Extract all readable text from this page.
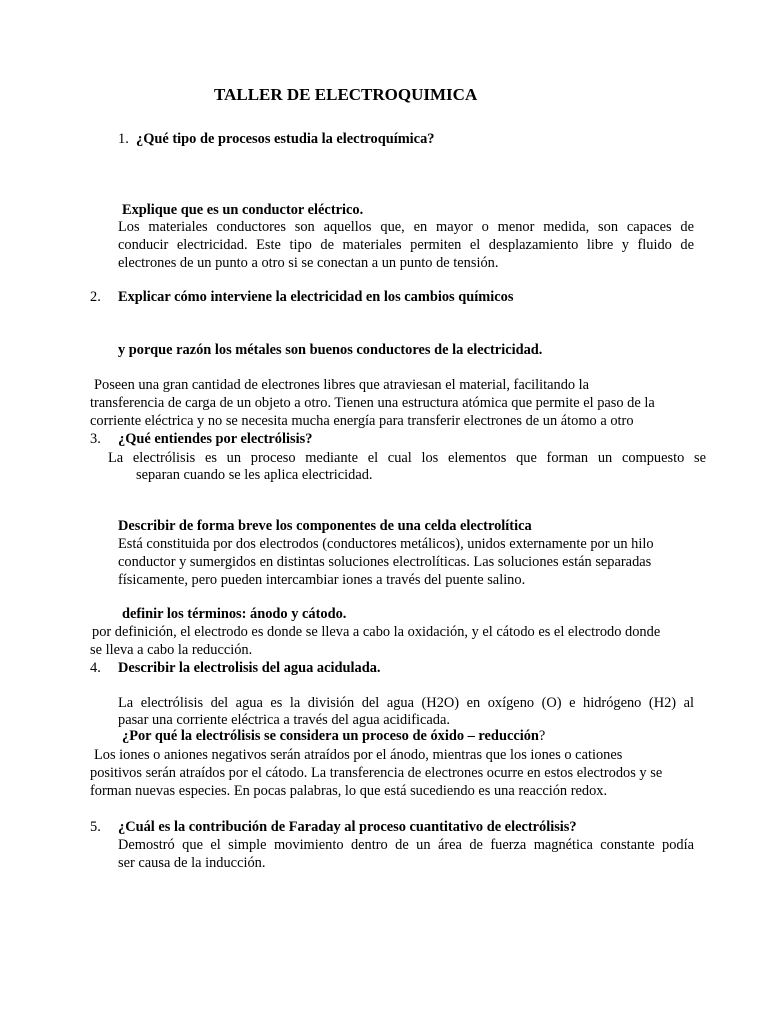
TALLER DE ELECTROQUIMICA
1. ¿Qué tipo de procesos estudia la electroquímica?
Explique que es un conductor eléctrico.
Los materiales conductores son aquellos que, en mayor o menor medida, son capaces de
conducir electricidad. Este tipo de materiales permiten el desplazamiento libre y fluido de
electrones de un punto a otro si se conectan a un punto de tensión.
2. Explicar cómo interviene la electricidad en los cambios químicos
y porque razón los métales son buenos conductores de la electricidad.
Poseen una gran cantidad de electrones libres que atraviesan el material, facilitando la
transferencia de carga de un objeto a otro. Tienen una estructura atómica que permite el paso de la
corriente eléctrica y no se necesita mucha energía para transferir electrones de un átomo a otro
3. ¿Qué entiendes por electrólisis?
La electrólisis es un proceso mediante el cual los elementos que forman un compuesto se
separan cuando se les aplica electricidad.
Describir de forma breve los componentes de una celda electrolítica
Está constituida por dos electrodos (conductores metálicos), unidos externamente por un hilo
conductor y sumergidos en distintas soluciones electrolíticas. Las soluciones están separadas
físicamente, pero pueden intercambiar iones a través del puente salino.
definir los términos: ánodo y cátodo.
por definición, el electrodo es donde se lleva a cabo la oxidación, y el cátodo es el electrodo donde
se lleva a cabo la reducción.
4. Describir la electrolisis del agua acidulada.
La electrólisis del agua es la división del agua (H2O) en oxígeno (O) e hidrógeno (H2) al
pasar una corriente eléctrica a través del agua acidificada.
¿Por qué la electrólisis se considera un proceso de óxido – reducción?
Los iones o aniones negativos serán atraídos por el ánodo, mientras que los iones o cationes
positivos serán atraídos por el cátodo. La transferencia de electrones ocurre en estos electrodos y se
forman nuevas especies. En pocas palabras, lo que está sucediendo es una reacción redox.
5. ¿Cuál es la contribución de Faraday al proceso cuantitativo de electrólisis?
Demostró que el simple movimiento dentro de un área de fuerza magnética constante podía
ser causa de la inducción.
